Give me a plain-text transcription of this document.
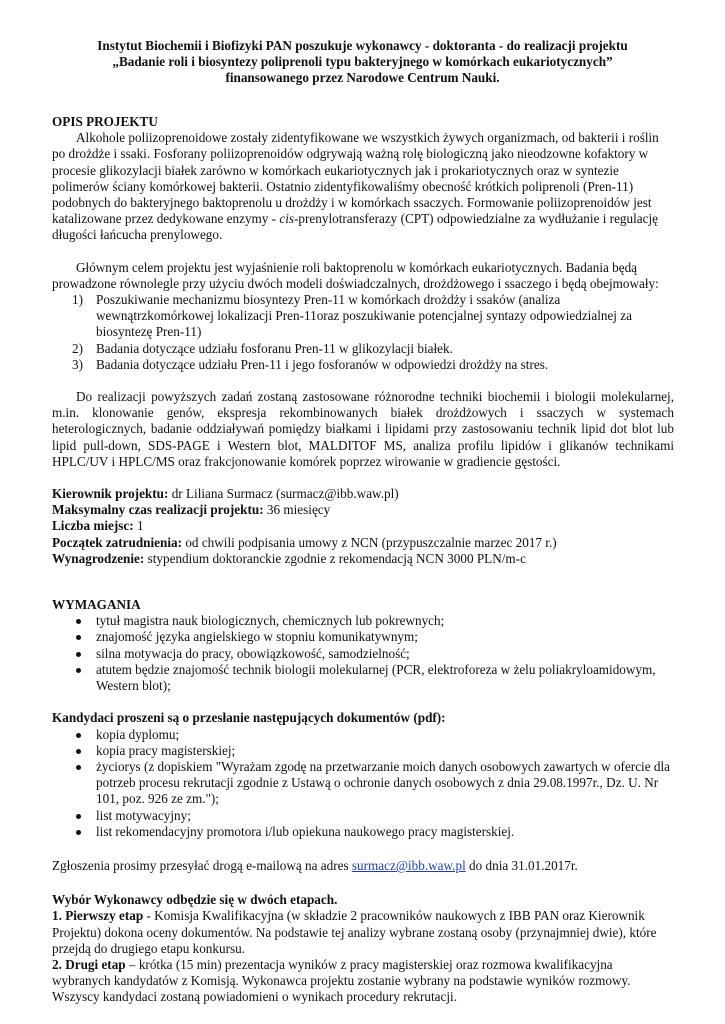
Instytut Biochemii i Biofizyki PAN poszukuje wykonawcy - doktoranta - do realizacji projektu
„Badanie roli i biosyntezy poliprenoli typu bakteryjnego w komórkach eukariotycznych”
finansowanego przez Narodowe Centrum Nauki.

OPIS PROJEKTU

Alkohole poliizoprenoidowe zostały zidentyfikowane we wszystkich żywych organizmach, od bakterii i roślin po drożdże i ssaki. Fosforany poliizoprenoidów odgrywają ważną rolę biologiczną jako nieodzowne kofaktory w procesie glikozylacji białek zarówno w komórkach eukariotycznych jak i prokariotycznych oraz w syntezie polimerów ściany komórkowej bakterii. Ostatnio zidentyfikowaliśmy obecność krótkich poliprenoli (Pren-11) podobnych do bakteryjnego baktoprenolu u drożdży i w komórkach ssaczych. Formowanie poliizoprenoidów jest katalizowane przez dedykowane enzymy - cis-prenylotransferazy (CPT) odpowiedzialne za wydłużanie i regulację długości łańcucha prenylowego.

Głównym celem projektu jest wyjaśnienie roli baktoprenolu w komórkach eukariotycznych. Badania będą prowadzone równolegle przy użyciu dwóch modeli doświadczalnych, drożdżowego i ssaczego i będą obejmowały:

1) Poszukiwanie mechanizmu biosyntezy Pren-11 w komórkach drożdży i ssaków (analiza wewnątrzkomórkowej lokalizacji Pren-11oraz poszukiwanie potencjalnej syntazy odpowiedzialnej za biosyntezę Pren-11)
2) Badania dotyczące udziału fosforanu Pren-11 w glikozylacji białek.
3) Badania dotyczące udziału Pren-11 i jego fosforanów w odpowiedzi drożdży na stres.

Do realizacji powyższych zadań zostaną zastosowane różnorodne techniki biochemii i biologii molekularnej, m.in. klonowanie genów, ekspresja rekombinowanych białek drożdżowych i ssaczych w systemach heterologicznych, badanie oddziaływań pomiędzy białkami i lipidami przy zastosowaniu technik lipid dot blot lub lipid pull-down, SDS-PAGE i Western blot, MALDITOF MS, analiza profilu lipidów i glikanów technikami HPLC/UV i HPLC/MS oraz frakcjonowanie komórek poprzez wirowanie w gradiencie gęstości.

Kierownik projektu: dr Liliana Surmacz (surmacz@ibb.waw.pl)

Maksymalny czas realizacji projektu: 36 miesięcy

Liczba miejsc: 1

Początek zatrudnienia: od chwili podpisania umowy z NCN (przypuszczalnie marzec 2017 r.)

Wynagrodzenie: stypendium doktoranckie zgodnie z rekomendacją NCN 3000 PLN/m-c

WYMAGANIA

tytuł magistra nauk biologicznych, chemicznych lub pokrewnych;
znajomość języka angielskiego w stopniu komunikatywnym;
silna motywacja do pracy, obowiązkowość, samodzielność;
atutem będzie znajomość technik biologii molekularnej (PCR, elektroforeza w żelu poliakryloamidowym, Western blot);

Kandydaci proszeni są o przesłanie następujących dokumentów (pdf):

kopia dyplomu;
kopia pracy magisterskiej;
życiorys (z dopiskiem "Wyrażam zgodę na przetwarzanie moich danych osobowych zawartych w ofercie dla potrzeb procesu rekrutacji zgodnie z Ustawą o ochronie danych osobowych z dnia 29.08.1997r., Dz. U. Nr 101, poz. 926 ze zm.");
list motywacyjny;
list rekomendacyjny promotora i/lub opiekuna naukowego pracy magisterskiej.

Zgłoszenia prosimy przesyłać drogą e-mailową na adres surmacz@ibb.waw.pl do dnia 31.01.2017r.

Wybór Wykonawcy odbędzie się w dwóch etapach.

1. Pierwszy etap - Komisja Kwalifikacyjna (w składzie 2 pracowników naukowych z IBB PAN oraz Kierownik Projektu) dokona oceny dokumentów. Na podstawie tej analizy wybrane zostaną osoby (przynajmniej dwie), które przejdą do drugiego etapu konkursu.

2. Drugi etap – krótka (15 min) prezentacja wyników z pracy magisterskiej oraz rozmowa kwalifikacyjna wybranych kandydatów z Komisją. Wykonawca projektu zostanie wybrany na podstawie wyników rozmowy. Wszyscy kandydaci zostaną powiadomieni o wynikach procedury rekrutacji.
